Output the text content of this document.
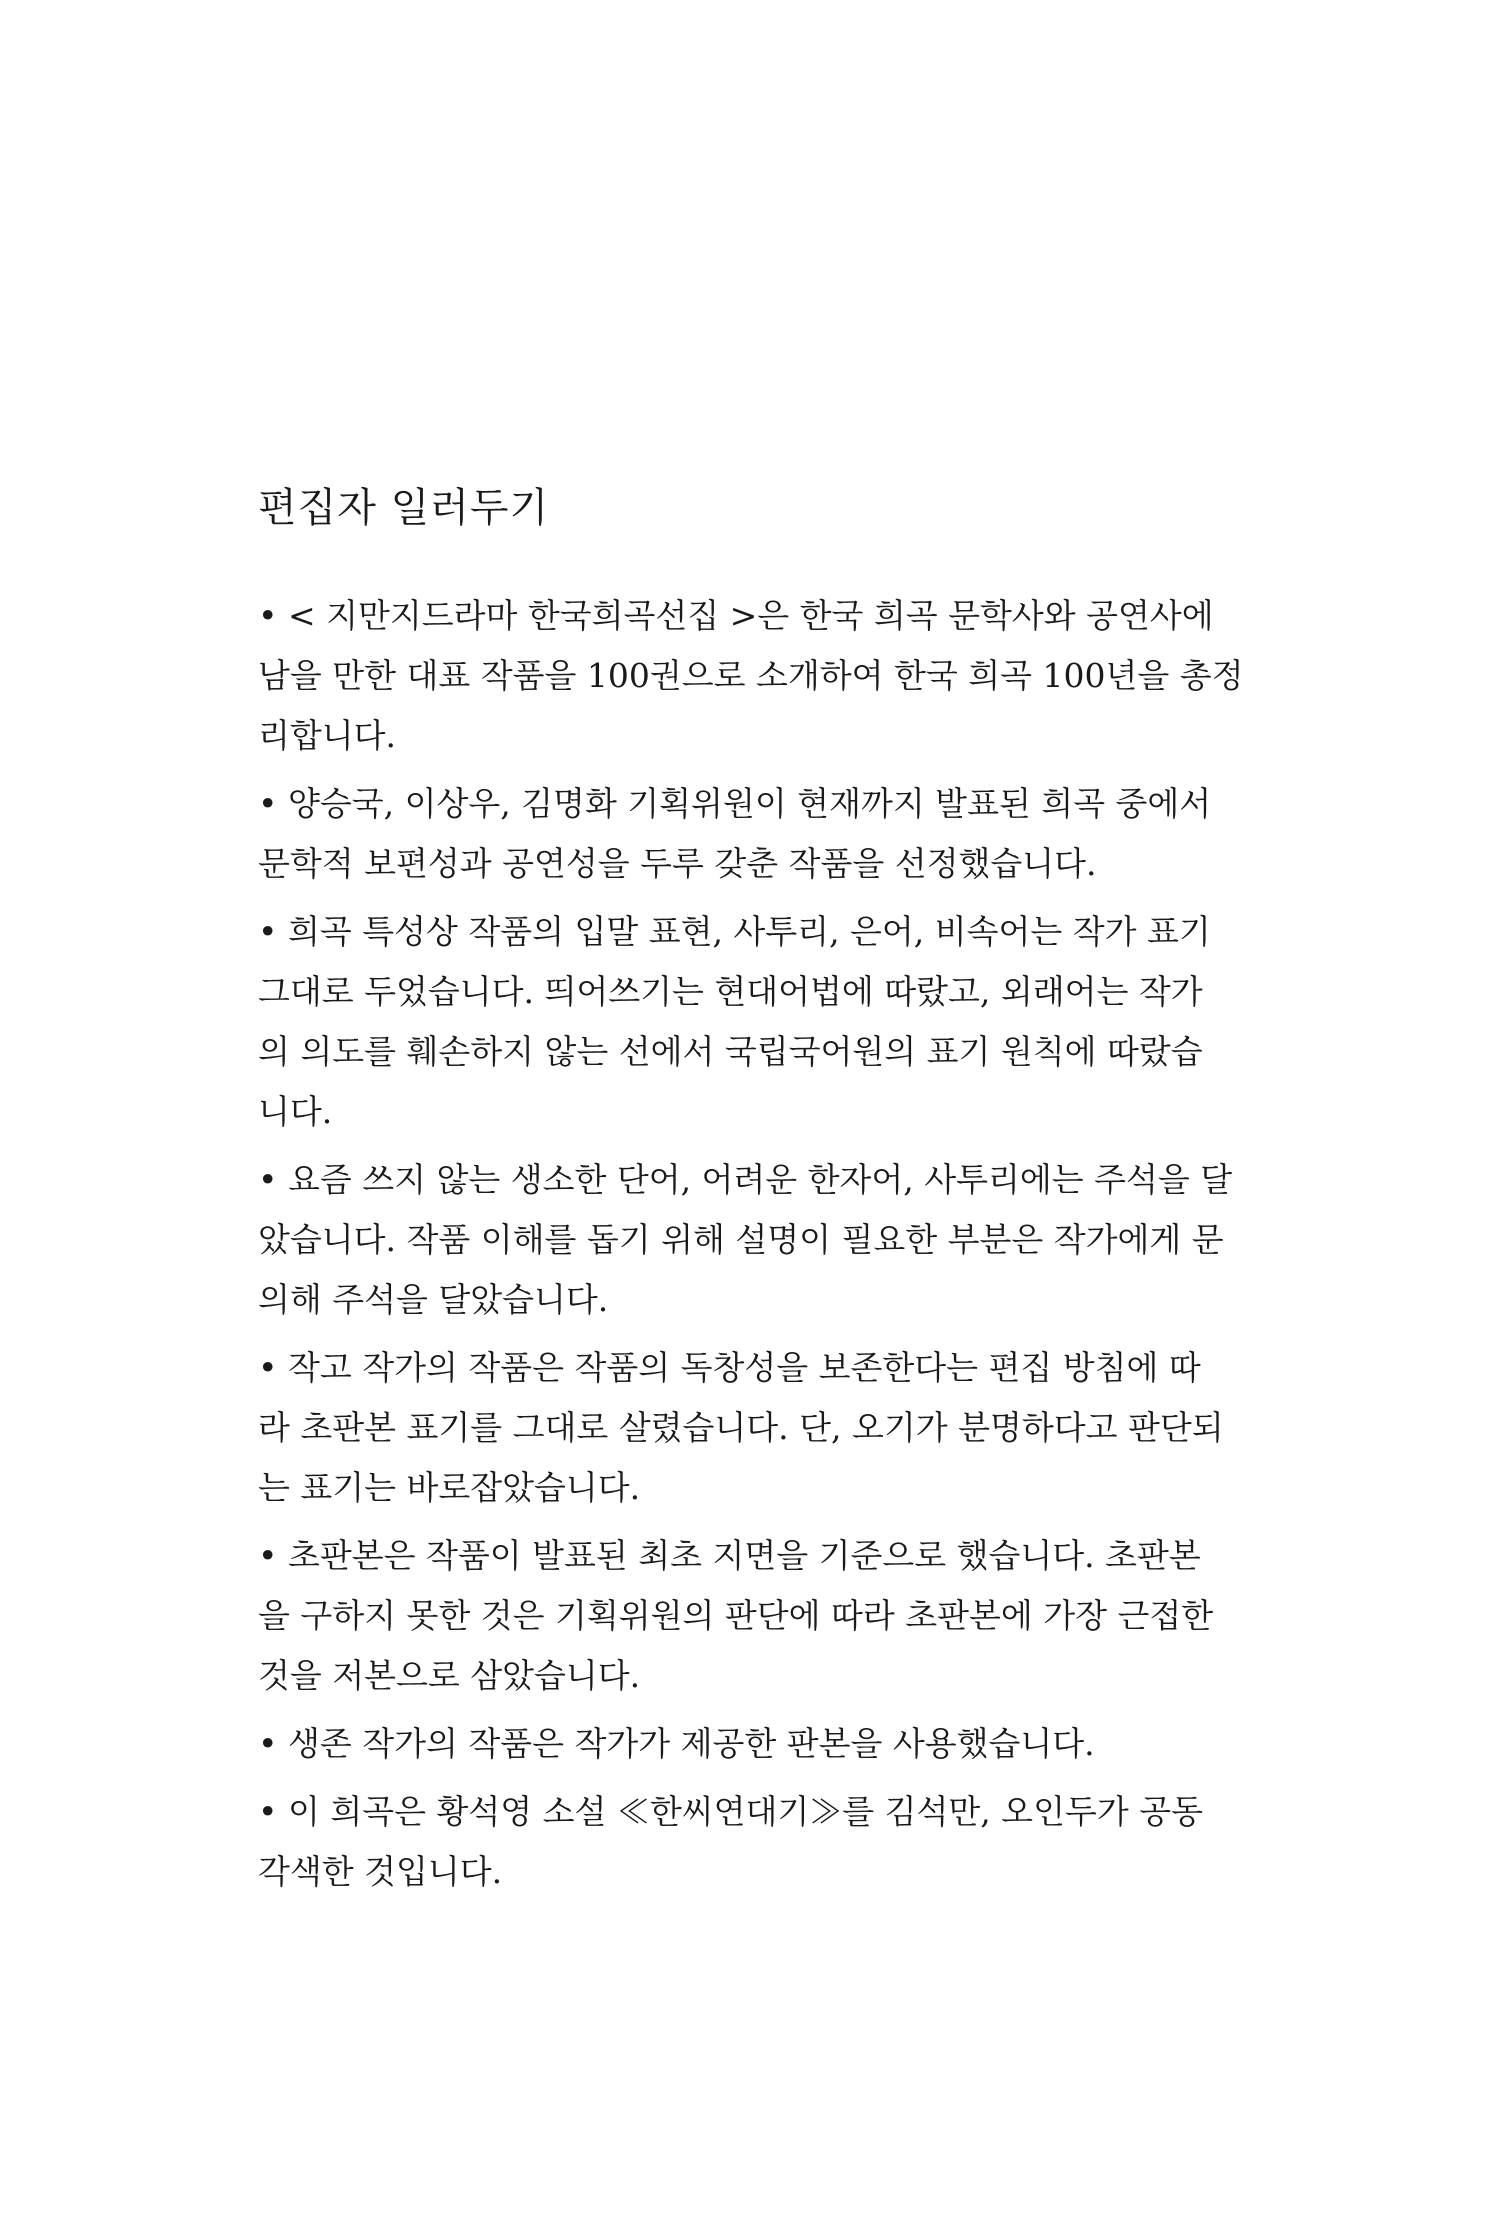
편집자 일러두기
• < 지만지드라마 한국희곡선집 >은 한국 희곡 문학사와 공연사에
남을 만한 대표 작품을 100권으로 소개하여 한국 희곡 100년을 총정
리합니다.
• 양승국, 이상우, 김명화 기획위원이 현재까지 발표된 희곡 중에서
문학적 보편성과 공연성을 두루 갖춘 작품을 선정했습니다.
• 희곡 특성상 작품의 입말 표현, 사투리, 은어, 비속어는 작가 표기
그대로 두었습니다. 띄어쓰기는 현대어법에 따랐고, 외래어는 작가
의 의도를 훼손하지 않는 선에서 국립국어원의 표기 원칙에 따랐습
니다.
• 요즘 쓰지 않는 생소한 단어, 어려운 한자어, 사투리에는 주석을 달
았습니다. 작품 이해를 돕기 위해 설명이 필요한 부분은 작가에게 문
의해 주석을 달았습니다.
• 작고 작가의 작품은 작품의 독창성을 보존한다는 편집 방침에 따
라 초판본 표기를 그대로 살렸습니다. 단, 오기가 분명하다고 판단되
는 표기는 바로잡았습니다.
• 초판본은 작품이 발표된 최초 지면을 기준으로 했습니다. 초판본
을 구하지 못한 것은 기획위원의 판단에 따라 초판본에 가장 근접한
것을 저본으로 삼았습니다.
• 생존 작가의 작품은 작가가 제공한 판본을 사용했습니다.
• 이 희곡은 황석영 소설 ≪한씨연대기≫를 김석만, 오인두가 공동
각색한 것입니다.
